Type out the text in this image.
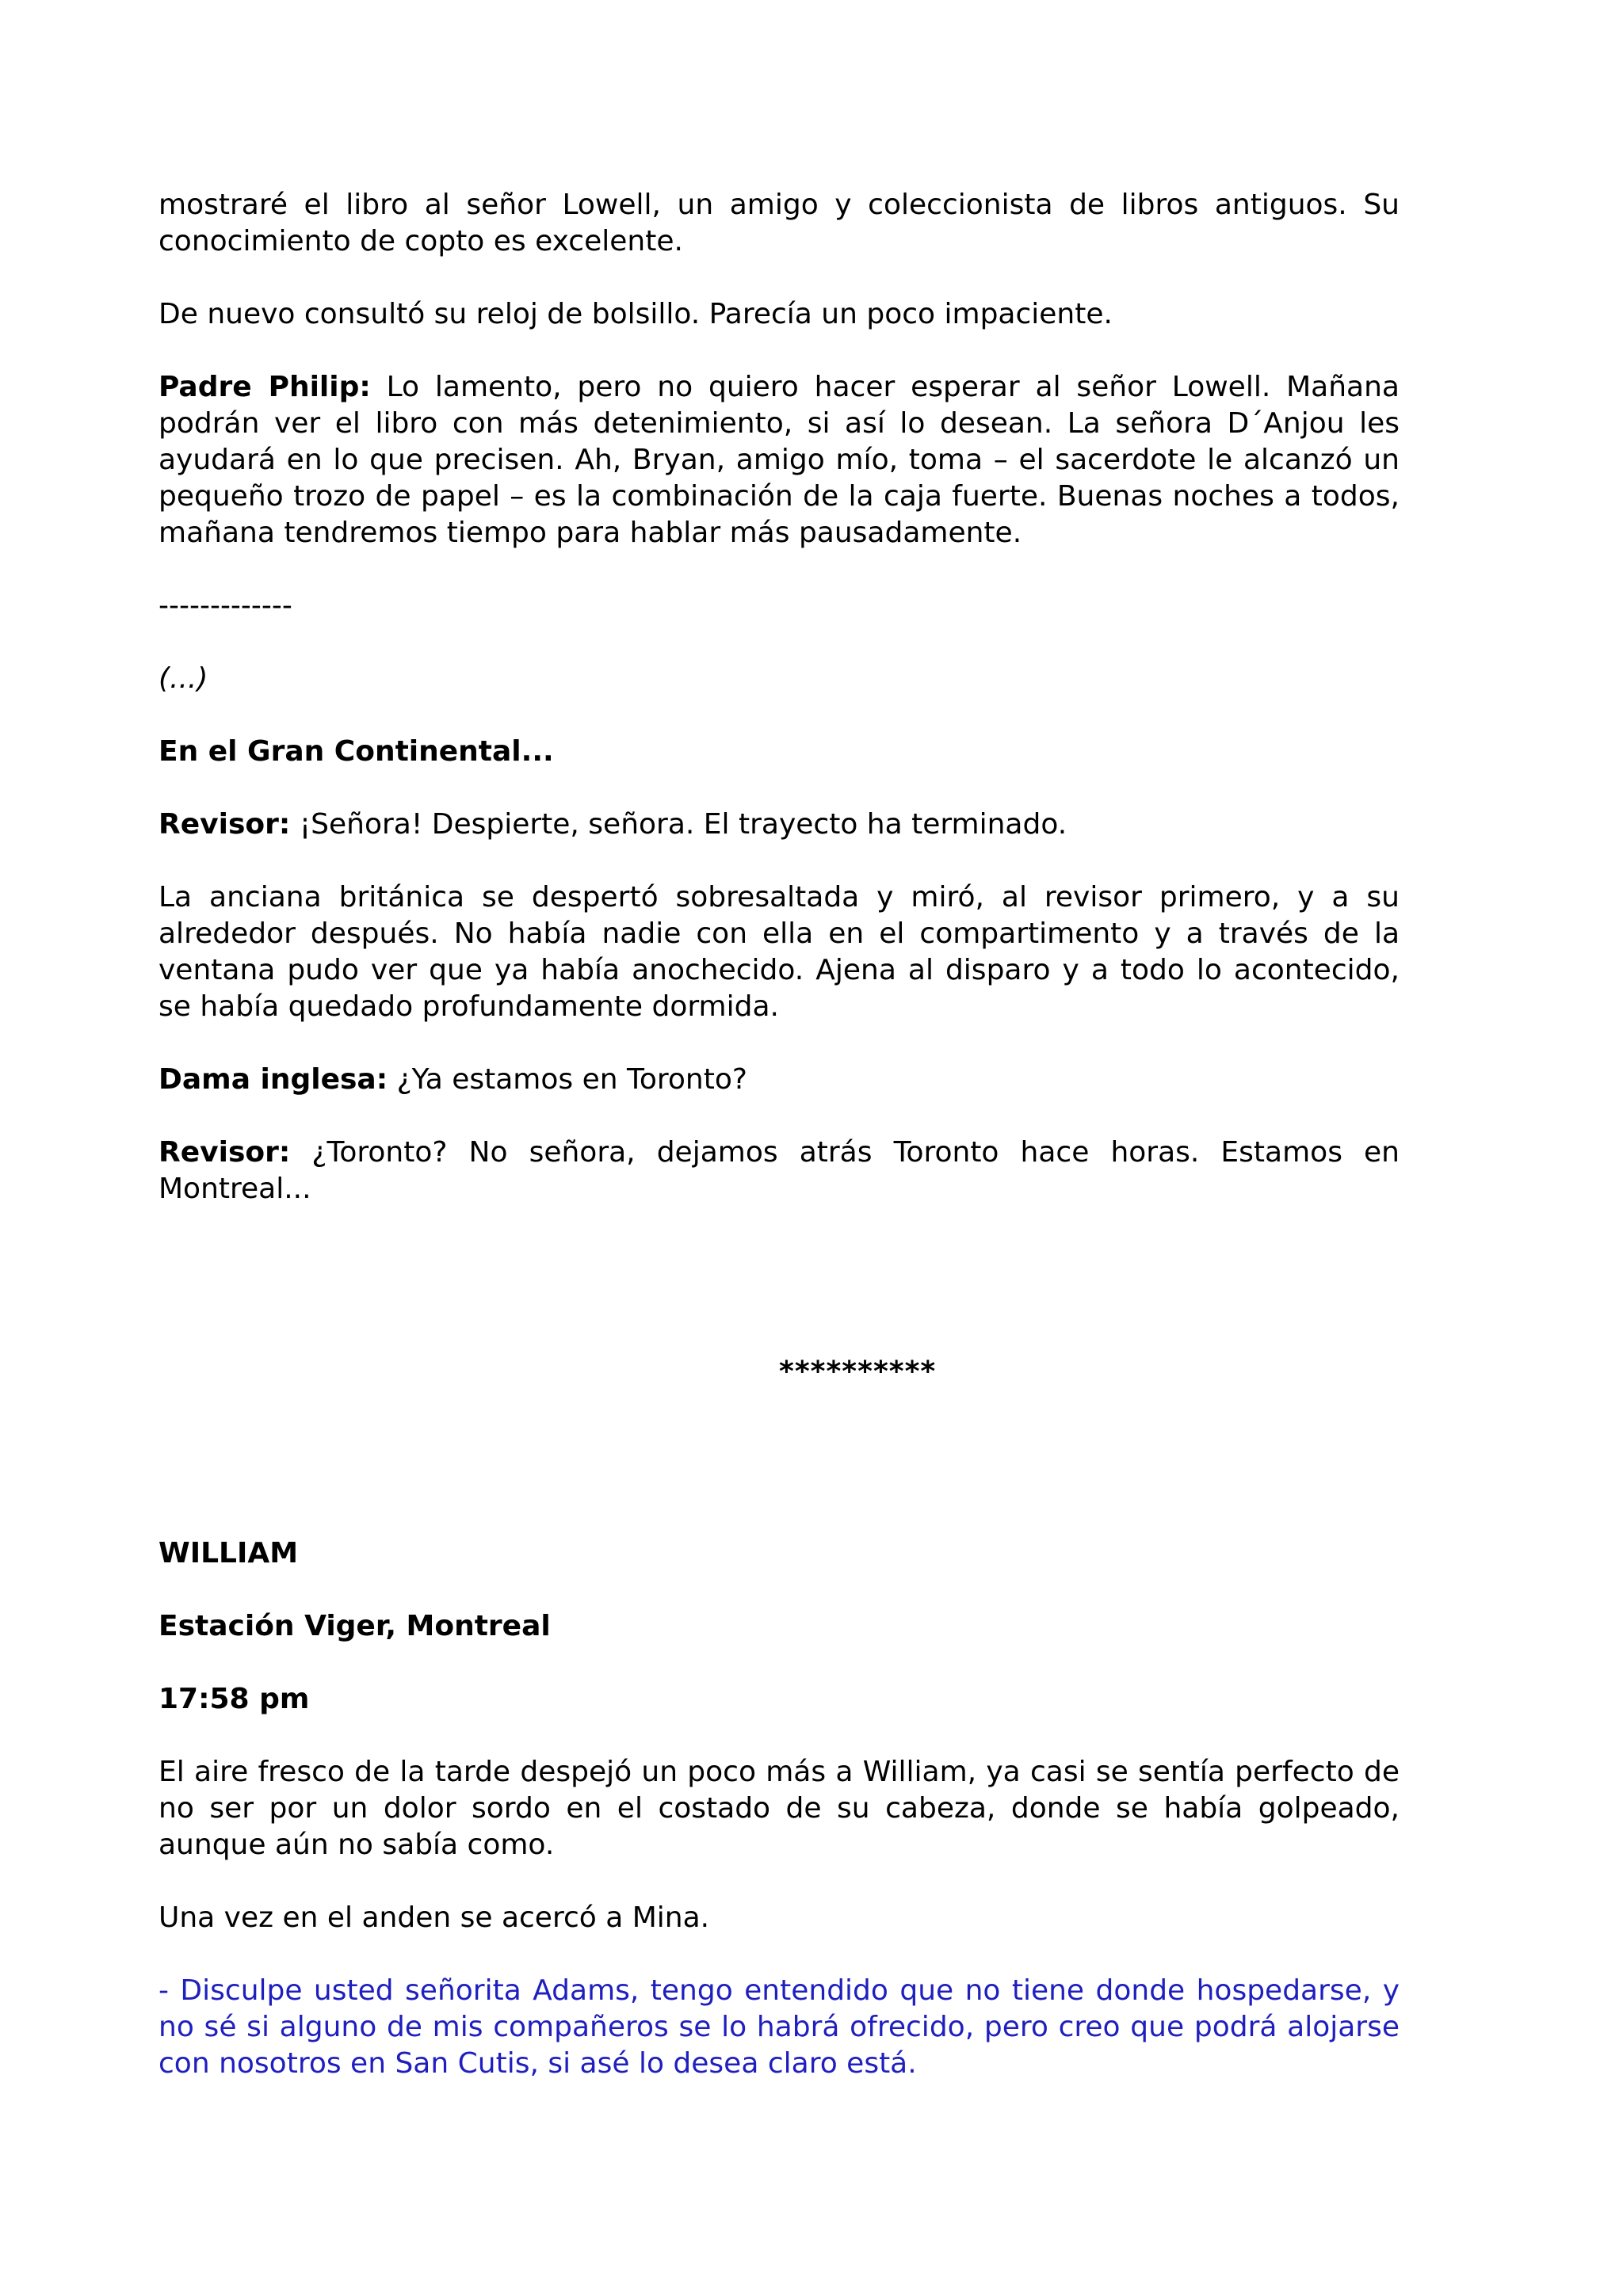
mostraré el libro al señor Lowell, un amigo y coleccionista de libros antiguos. Su conocimiento de copto es excelente.

De nuevo consultó su reloj de bolsillo. Parecía un poco impaciente.

Padre Philip: Lo lamento, pero no quiero hacer esperar al señor Lowell. Mañana podrán ver el libro con más detenimiento, si así lo desean. La señora D´Anjou les ayudará en lo que precisen. Ah, Bryan, amigo mío, toma – el sacerdote le alcanzó un pequeño trozo de papel – es la combinación de la caja fuerte. Buenas noches a todos, mañana tendremos tiempo para hablar más pausadamente.

-------------

(...)

En el Gran Continental...

Revisor: ¡Señora! Despierte, señora. El trayecto ha terminado.

La anciana británica se despertó sobresaltada y miró, al revisor primero, y a su alrededor después. No había nadie con ella en el compartimento y a través de la ventana pudo ver que ya había anochecido. Ajena al disparo y a todo lo acontecido, se había quedado profundamente dormida.

Dama inglesa: ¿Ya estamos en Toronto?

Revisor: ¿Toronto? No señora, dejamos atrás Toronto hace horas. Estamos en Montreal...

**********

WILLIAM

Estación Viger, Montreal

17:58 pm

El aire fresco de la tarde despejó un poco más a William, ya casi se sentía perfecto de no ser por un dolor sordo en el costado de su cabeza, donde se había golpeado, aunque aún no sabía como.

Una vez en el anden se acercó a Mina.

- Disculpe usted señorita Adams, tengo entendido que no tiene donde hospedarse, y no sé si alguno de mis compañeros se lo habrá ofrecido, pero creo que podrá alojarse con nosotros en San Cutis, si asé lo desea claro está.
